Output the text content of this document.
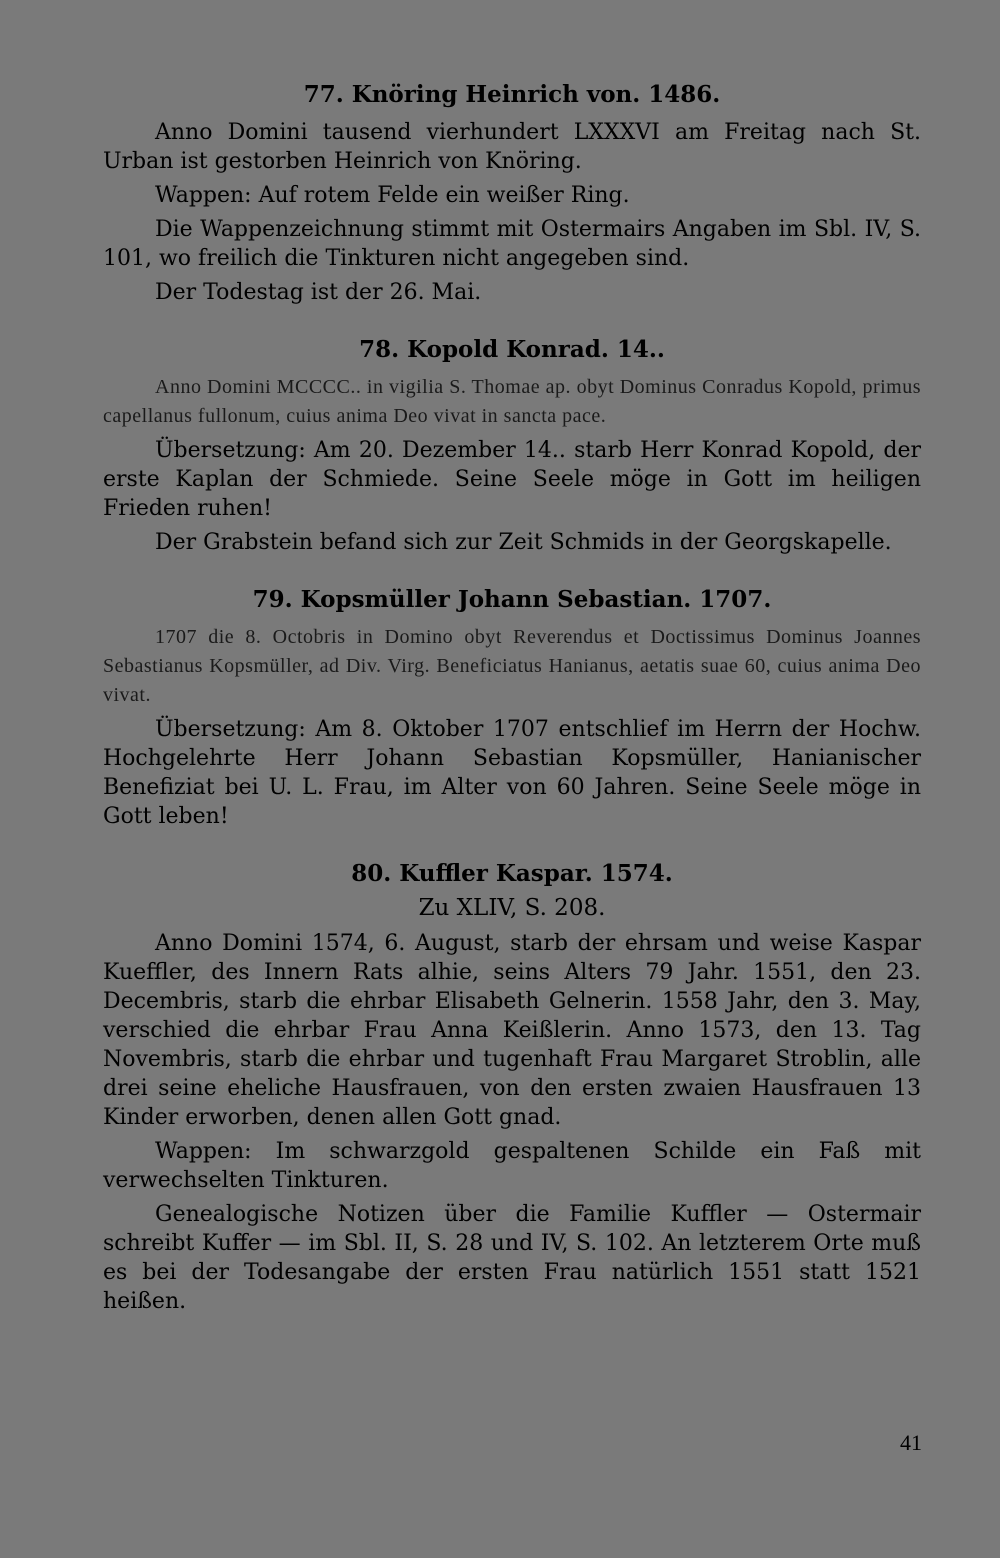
77. Knöring Heinrich von. 1486.

Anno Domini tausend vierhundert LXXXVI am Freitag nach St. Urban ist gestorben Heinrich von Knöring.

Wappen: Auf rotem Felde ein weißer Ring.

Die Wappenzeichnung stimmt mit Ostermairs Angaben im Sbl. IV, S. 101, wo freilich die Tinkturen nicht angegeben sind.

Der Todestag ist der 26. Mai.

78. Kopold Konrad. 14..

Anno Domini MCCCC.. in vigilia S. Thomae ap. obyt Dominus Conradus Kopold, primus capellanus fullonum, cuius anima Deo vivat in sancta pace.

Übersetzung: Am 20. Dezember 14.. starb Herr Konrad Kopold, der erste Kaplan der Schmiede. Seine Seele möge in Gott im heiligen Frieden ruhen!

Der Grabstein befand sich zur Zeit Schmids in der Georgskapelle.

79. Kopsmüller Johann Sebastian. 1707.

1707 die 8. Octobris in Domino obyt Reverendus et Doctissimus Dominus Joannes Sebastianus Kopsmüller, ad Div. Virg. Beneficiatus Hanianus, aetatis suae 60, cuius anima Deo vivat.

Übersetzung: Am 8. Oktober 1707 entschlief im Herrn der Hochw. Hochgelehrte Herr Johann Sebastian Kopsmüller, Hanianischer Benefiziat bei U. L. Frau, im Alter von 60 Jahren. Seine Seele möge in Gott leben!

80. Kuffler Kaspar. 1574.
Zu XLIV, S. 208.

Anno Domini 1574, 6. August, starb der ehrsam und weise Kaspar Kueffler, des Innern Rats alhie, seins Alters 79 Jahr. 1551, den 23. Decembris, starb die ehrbar Elisabeth Gelnerin. 1558 Jahr, den 3. May, verschied die ehrbar Frau Anna Keißlerin. Anno 1573, den 13. Tag Novembris, starb die ehrbar und tugenhaft Frau Margaret Stroblin, alle drei seine eheliche Hausfrauen, von den ersten zwaien Hausfrauen 13 Kinder erworben, denen allen Gott gnad.

Wappen: Im schwarzgold gespaltenen Schilde ein Faß mit verwechselten Tinkturen.

Genealogische Notizen über die Familie Kuffler — Ostermair schreibt Kuffer — im Sbl. II, S. 28 und IV, S. 102. An letzterem Orte muß es bei der Todesangabe der ersten Frau natürlich 1551 statt 1521 heißen.

41
